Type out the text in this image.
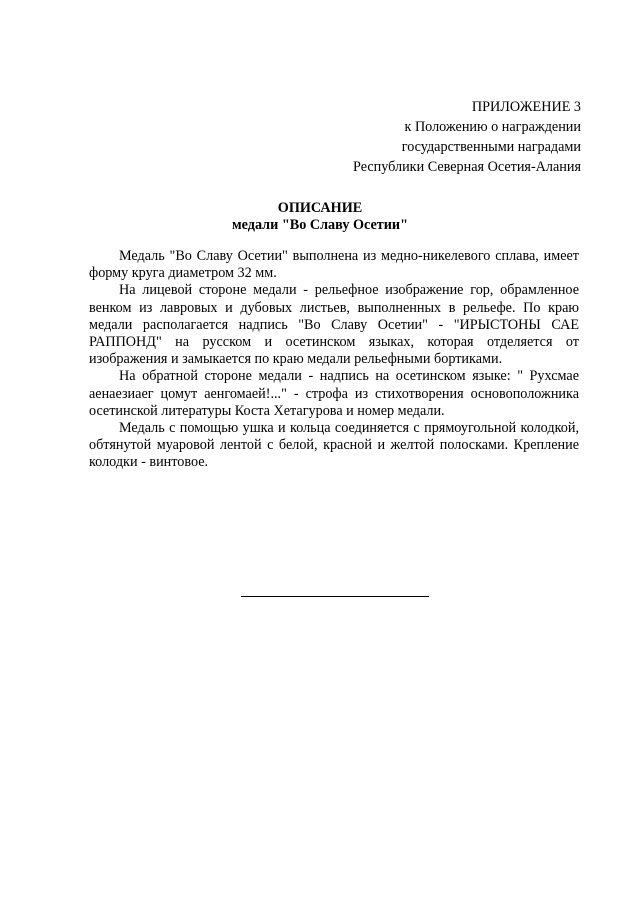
ПРИЛОЖЕНИЕ 3
к Положению о награждении
государственными наградами
Республики Северная Осетия-Алания
ОПИСАНИЕ
медали "Во Славу Осетии"

Медаль "Во Славу Осетии" выполнена из медно-никелевого сплава, имеет форму круга диаметром 32 мм.

На лицевой стороне медали - рельефное изображение гор, обрамленное венком из лавровых и дубовых листьев, выполненных в рельефе. По краю медали располагается надпись "Во Славу Осетии" - "ИРЫСТОНЫ САЕ РАППОНД" на русском и осетинском языках, которая отделяется от изображения и замыкается по краю медали рельефными бортиками.

На обратной стороне медали - надпись на осетинском языке: " Рухсмае аенаезиаег цомут аенгомаей!..." - строфа из стихотворения основоположника осетинской литературы Коста Хетагурова и номер медали.

Медаль с помощью ушка и кольца соединяется с прямоугольной колодкой, обтянутой муаровой лентой с белой, красной и желтой полосками. Крепление колодки - винтовое.
